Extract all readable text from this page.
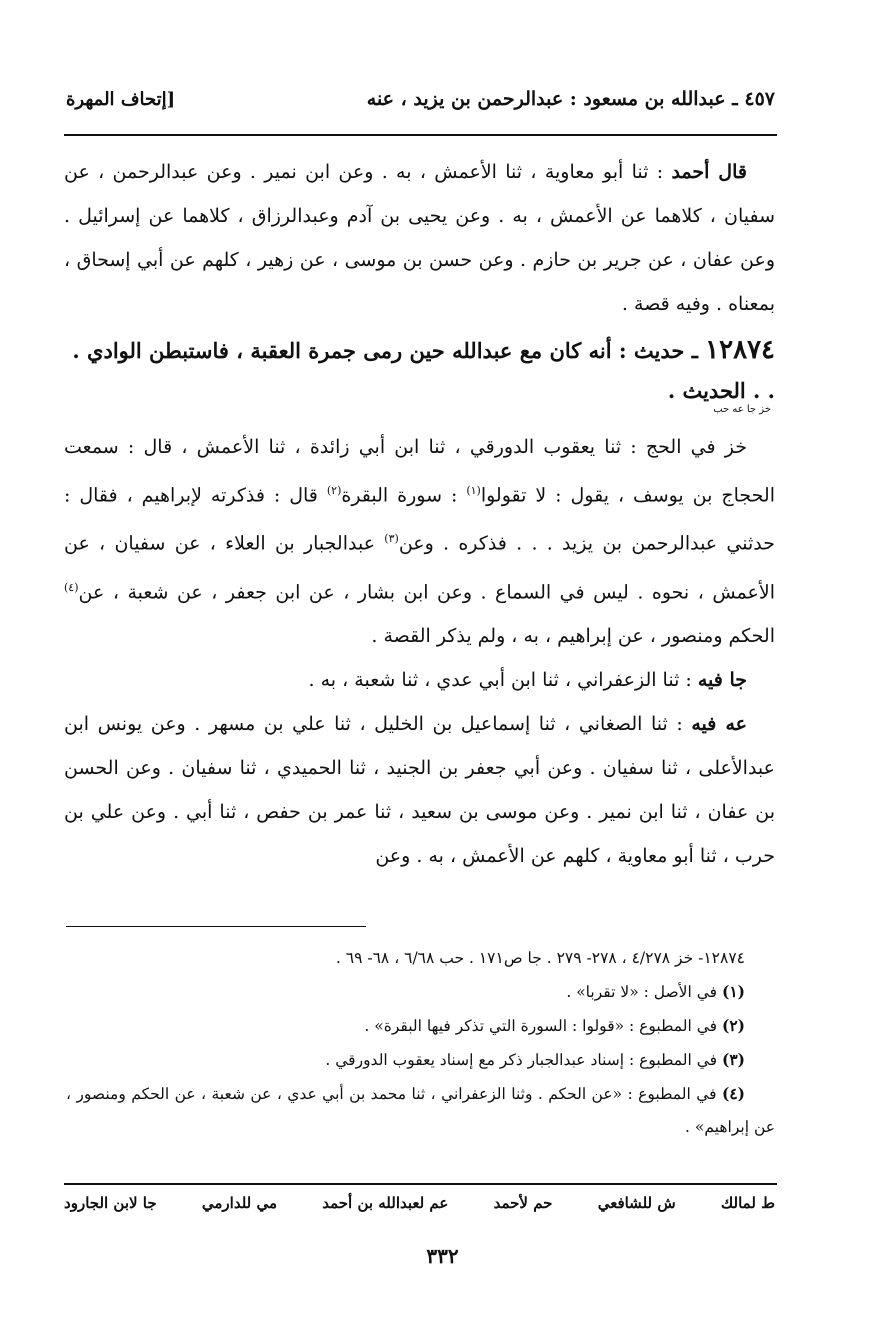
٤٥٧ ـ عبدالله بن مسعود : عبدالرحمن بن يزيد ، عنه
[إتحاف المهرة

قال أحمد : ثنا أبو معاوية ، ثنا الأعمش ، به . وعن ابن نمير . وعن عبدالرحمن ، عن سفيان ، كلاهما عن الأعمش ، به . وعن يحيى بن آدم وعبدالرزاق ، كلاهما عن إسرائيل . وعن عفان ، عن جرير بن حازم . وعن حسن بن موسى ، عن زهير ، كلهم عن أبي إسحاق ، بمعناه . وفيه قصة .

١٢٨٧٤ ـ حديث : أنه كان مع عبدالله حين رمى جمرة العقبة ، فاستبطن الوادي . . . الحديث .
خز جا عه حب

خز في الحج : ثنا يعقوب الدورقي ، ثنا ابن أبي زائدة ، ثنا الأعمش ، قال : سمعت الحجاج بن يوسف ، يقول : لا تقولوا$^{(١)}$ : سورة البقرة$^{(٢)}$ قال : فذكرته لإبراهيم ، فقال : حدثني عبدالرحمن بن يزيد . . . فذكره . وعن$^{(٣)}$ عبدالجبار بن العلاء ، عن سفيان ، عن الأعمش ، نحوه . ليس في السماع . وعن ابن بشار ، عن ابن جعفر ، عن شعبة ، عن$^{(٤)}$ الحكم ومنصور ، عن إبراهيم ، به ، ولم يذكر القصة .

جا فيه : ثنا الزعفراني ، ثنا ابن أبي عدي ، ثنا شعبة ، به .

عه فيه : ثنا الصغاني ، ثنا إسماعيل بن الخليل ، ثنا علي بن مسهر . وعن يونس ابن عبدالأعلى ، ثنا سفيان . وعن أبي جعفر بن الجنيد ، ثنا الحميدي ، ثنا سفيان . وعن الحسن بن عفان ، ثنا ابن نمير . وعن موسى بن سعيد ، ثنا عمر بن حفص ، ثنا أبي . وعن علي بن حرب ، ثنا أبو معاوية ، كلهم عن الأعمش ، به . وعن

١٢٨٧٤- خز ٤/٢٧٨ ، ٢٧٨- ٢٧٩ . جا ص١٧١ . حب ٦/٦٨ ، ٦٨- ٦٩ .

(١) في الأصل : «لا تقربا» .

(٢) في المطبوع : «قولوا : السورة التي تذكر فيها البقرة» .

(٣) في المطبوع : إسناد عبدالجبار ذكر مع إسناد يعقوب الدورقي .

(٤) في المطبوع : «عن الحكم . وثنا الزعفراني ، ثنا محمد بن أبي عدي ، عن شعبة ، عن الحكم ومنصور ، عن إبراهيم» .

ط لمالك
ش للشافعي
حم لأحمد
عم لعبدالله بن أحمد
مي للدارمي
جا لابن الجارود
٣٣٢
